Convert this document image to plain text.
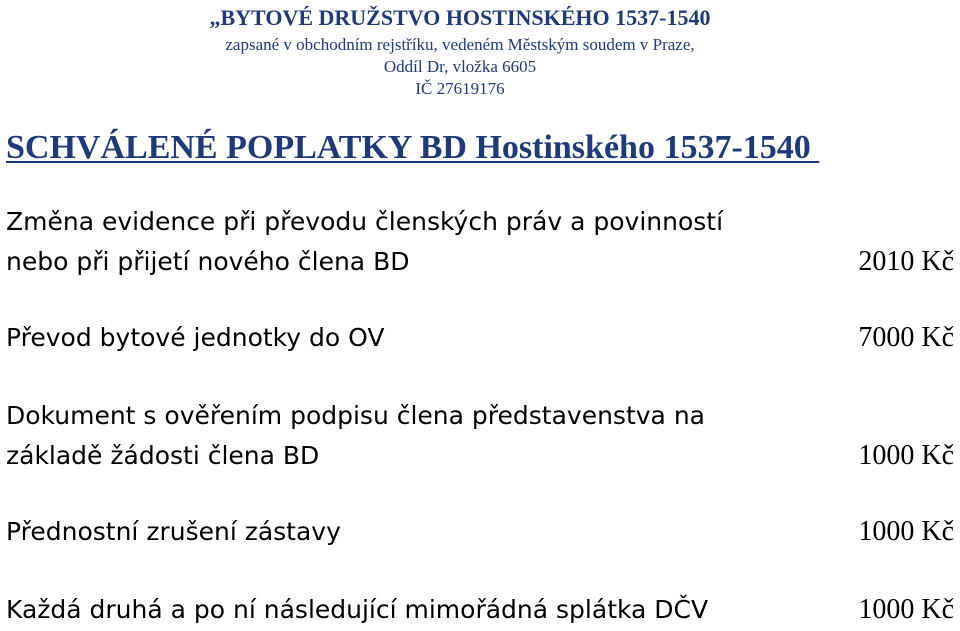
„BYTOVÉ DRUŽSTVO HOSTINSKÉHO 1537-1540
zapsané v obchodním rejstříku, vedeném Městským soudem v Praze,
Oddíl Dr, vložka 6605
IČ 27619176
SCHVÁLENÉ POPLATKY BD Hostinského 1537-1540
Změna evidence při převodu členských práv a povinností
nebo při přijetí nového člena BD	2010 Kč
Převod bytové jednotky do OV	7000 Kč
Dokument s ověřením podpisu člena představenstva na
základě žádosti člena BD	1000 Kč
Přednostní zrušení zástavy	1000 Kč
Každá druhá a po ní následující mimořádná splátka DČV	1000 Kč
